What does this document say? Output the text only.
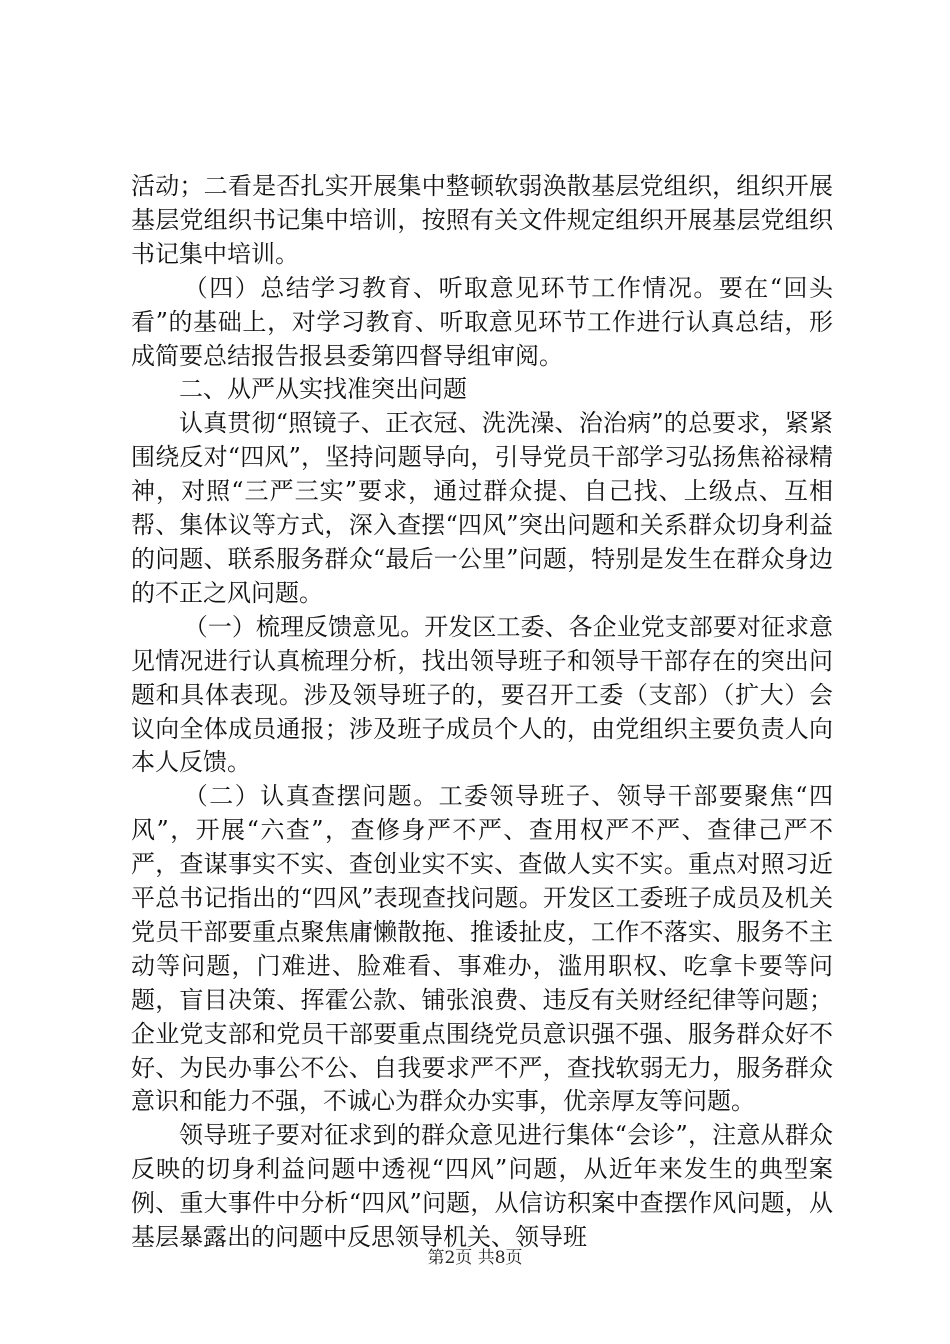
活动；二看是否扎实开展集中整顿软弱涣散基层党组织，组织开展基层党组织书记集中培训，按照有关文件规定组织开展基层党组织书记集中培训。

（四）总结学习教育、听取意见环节工作情况。要在“回头看”的基础上，对学习教育、听取意见环节工作进行认真总结，形成简要总结报告报县委第四督导组审阅。

二、从严从实找准突出问题

认真贯彻“照镜子、正衣冠、洗洗澡、治治病”的总要求，紧紧围绕反对“四风”，坚持问题导向，引导党员干部学习弘扬焦裕禄精神，对照“三严三实”要求，通过群众提、自己找、上级点、互相帮、集体议等方式，深入查摆“四风”突出问题和关系群众切身利益的问题、联系服务群众“最后一公里”问题，特别是发生在群众身边的不正之风问题。

（一）梳理反馈意见。开发区工委、各企业党支部要对征求意见情况进行认真梳理分析，找出领导班子和领导干部存在的突出问题和具体表现。涉及领导班子的，要召开工委（支部）（扩大）会议向全体成员通报；涉及班子成员个人的，由党组织主要负责人向本人反馈。

（二）认真查摆问题。工委领导班子、领导干部要聚焦“四风”，开展“六查”，查修身严不严、查用权严不严、查律己严不严，查谋事实不实、查创业实不实、查做人实不实。重点对照习近平总书记指出的“四风”表现查找问题。开发区工委班子成员及机关党员干部要重点聚焦庸懒散拖、推诿扯皮，工作不落实、服务不主动等问题，门难进、脸难看、事难办，滥用职权、吃拿卡要等问题，盲目决策、挥霍公款、铺张浪费、违反有关财经纪律等问题；企业党支部和党员干部要重点围绕党员意识强不强、服务群众好不好、为民办事公不公、自我要求严不严，查找软弱无力，服务群众意识和能力不强，不诚心为群众办实事，优亲厚友等问题。

领导班子要对征求到的群众意见进行集体“会诊”，注意从群众反映的切身利益问题中透视“四风”问题，从近年来发生的典型案例、重大事件中分析“四风”问题，从信访积案中查摆作风问题，从基层暴露出的问题中反思领导机关、领导班

第2页 共8页
